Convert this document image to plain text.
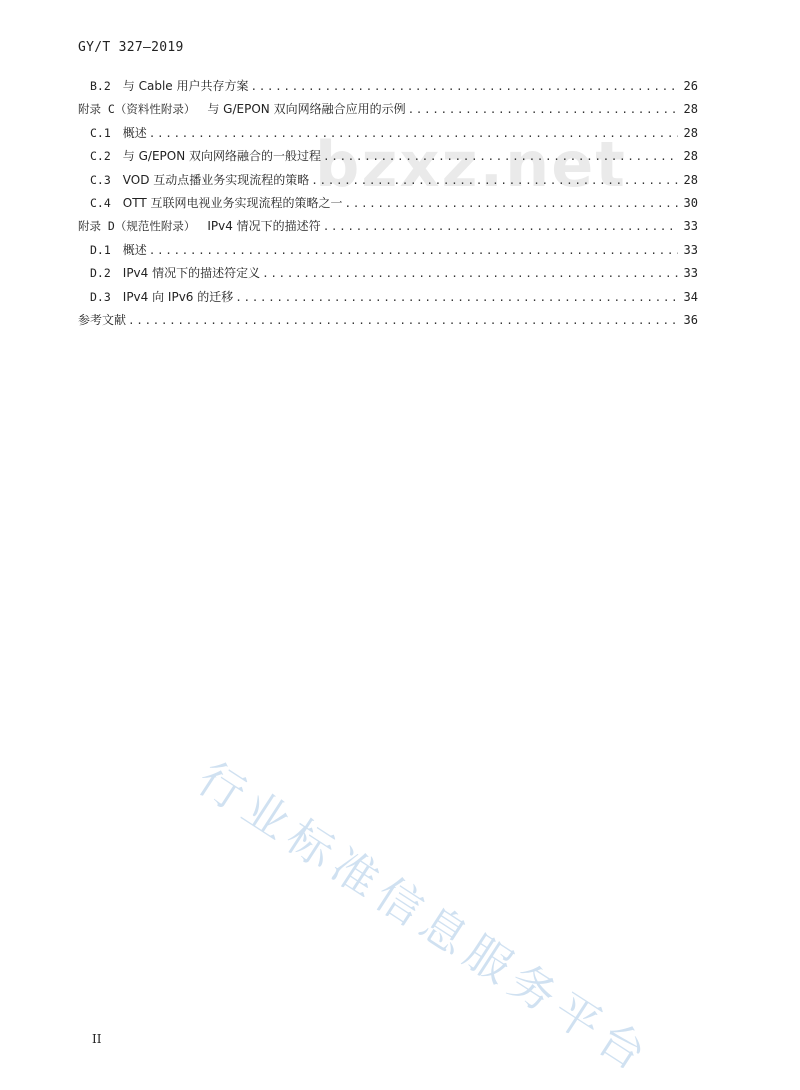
GY/T 327—2019
bzxz.net
B.2	与 Cable 用户共存方案 .....	26
附录 C（资料性附录）	与 G/EPON 双向网络融合应用的示例 .....	28
C.1	概述 .....	28
C.2	与 G/EPON 双向网络融合的一般过程 .....	28
C.3	VOD 互动点播业务实现流程的策略 .....	28
C.4	OTT 互联网电视业务实现流程的策略之一 .....	30
附录 D（规范性附录）	IPv4 情况下的描述符 .....	33
D.1	概述 .....	33
D.2	IPv4 情况下的描述符定义 .....	33
D.3	IPv4 向 IPv6 的迁移 .....	34
参考文献 .....	36
行业标准信息服务平台
II
